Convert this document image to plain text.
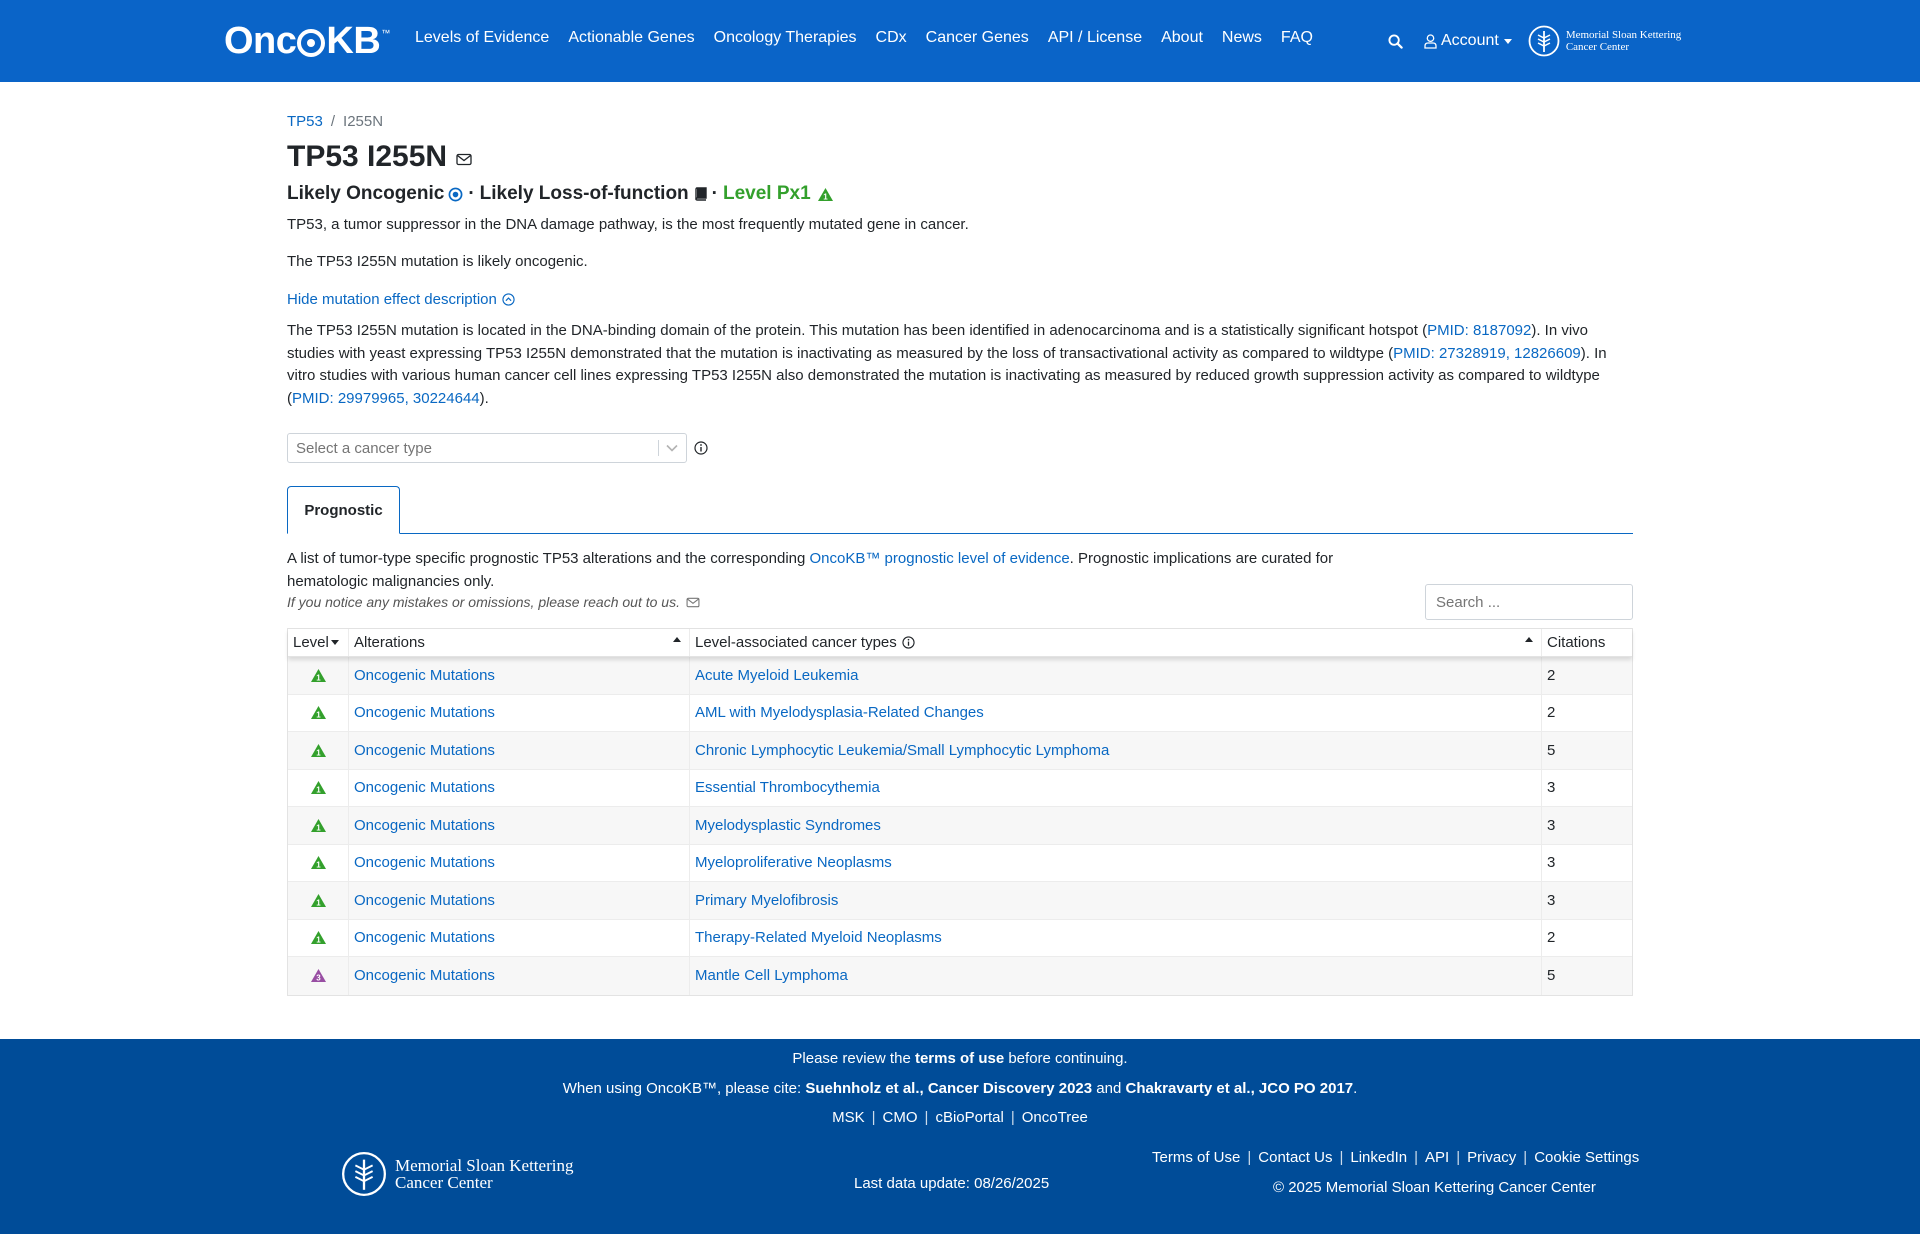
Onc KB™ Levels of Evidence Actionable Genes Oncology Therapies CDx Cancer Genes API / License About News FAQ	Account	Memorial Sloan Kettering
Cancer Center
TP53 / I255N
TP53 I255N
Likely Oncogenic · Likely Loss-of-function · Level Px1 1

TP53, a tumor suppressor in the DNA damage pathway, is the most frequently mutated gene in cancer.

The TP53 I255N mutation is likely oncogenic.

Hide mutation effect description

The TP53 I255N mutation is located in the DNA-binding domain of the protein. This mutation has been identified in adenocarcinoma and is a statistically significant hotspot (PMID: 8187092). In vivo studies with yeast expressing TP53 I255N demonstrated that the mutation is inactivating as measured by the loss of transactivational activity as compared to wildtype (PMID: 27328919, 12826609). In vitro studies with various human cancer cell lines expressing TP53 I255N also demonstrated the mutation is inactivating as measured by reduced growth suppression activity as compared to wildtype (PMID: 29979965, 30224644).

Select a cancer type
Prognostic

A list of tumor-type specific prognostic TP53 alterations and the corresponding OncoKB™ prognostic level of evidence. Prognostic implications are curated for hematologic malignancies only.

If you notice any mistakes or omissions, please reach out to us.
Search ...
Level Alterations	Level-associated cancer types	Citations
1 Oncogenic Mutations	Acute Myeloid Leukemia	2
1 Oncogenic Mutations	AML with Myelodysplasia-Related Changes	2
1 Oncogenic Mutations	Chronic Lymphocytic Leukemia/Small Lymphocytic Lymphoma	5
1 Oncogenic Mutations	Essential Thrombocythemia	3
1 Oncogenic Mutations	Myelodysplastic Syndromes	3
1 Oncogenic Mutations	Myeloproliferative Neoplasms	3
1 Oncogenic Mutations	Primary Myelofibrosis	3
1 Oncogenic Mutations	Therapy-Related Myeloid Neoplasms	2
3 Oncogenic Mutations	Mantle Cell Lymphoma	5
Please review the terms of use before continuing.
When using OncoKB™, please cite: Suehnholz et al., Cancer Discovery 2023 and Chakravarty et al., JCO PO 2017.
MSK | CMO | cBioPortal | OncoTree
Memorial Sloan Kettering
Cancer Center	Last data update: 08/26/2025
Terms of Use | Contact Us | LinkedIn | API | Privacy | Cookie Settings
© 2025 Memorial Sloan Kettering Cancer Center
